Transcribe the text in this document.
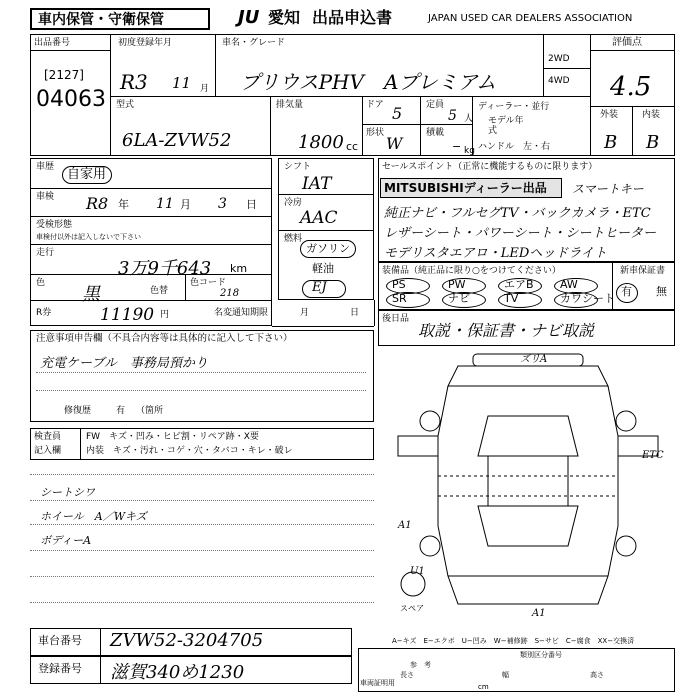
車内保管・守衛保管	JU 愛知 出品申込書	JAPAN USED CAR DEALERS ASSOCIATION
出品番号
[2127]
04063
初度登録年月
R3 11 月
車名・グレード
プリウスPHV　Aプレミアム
2WD
4WD
評価点
4.5
外装	内装
B B
型式
6LA-ZVW52
排気量
1800 cc
ドア 5	定員
5 人
形状
W
積載
− kg
ディーラー・並行
モデル年式
ハンドル　左・右
車歴 自家用
車検 R8 年 11 月 3 日
受検形態
車検付以外は記入しないで下さい
走行
3万9千643 km
色
黒	色替
色コード
218
R券	11190 円
シフト
IAT
冷房
AAC
燃料
ガソリン
軽油
EJ
名変通知期限	月	日
セールスポイント（正常に機能するものに限ります）
MITSUBISHIディーラー出品 スマートキー
純正ナビ・フルセグTV・バックカメラ・ETC
レザーシート・パワーシート・シートヒーター
モデリスタエアロ・LEDヘッドライト
装備品（純正品に限り○をつけてください）	新車保証書
有 無
後日品
取説・保証書・ナビ取説
注意事項申告欄（不具合内容等は具体的に記入して下さい）
充電ケーブル　事務局預かり
修復歴	有 （箇所
検査員
記入欄
FW　キズ・凹み・ヒビ割・リペア跡・X要
内装　キズ・汚れ・コゲ・穴・タバコ・キレ・破レ
シートシワ
ホイール　A／Wキズ
ボディーA
ズリA
ETC
A1
U1
A1
スペア
車台番号 ZVW52-3204705
登録番号 滋賀340め1230
A−キズ　E−エクボ　U−凹み　W−補修跡　S−サビ　C−腐食　XX−交換済
車両証明用
参　考
類別区分番号
長さ	幅	高さ
cm
PS	PW	エアB AW
SR	ナビ	TV	カワシート
